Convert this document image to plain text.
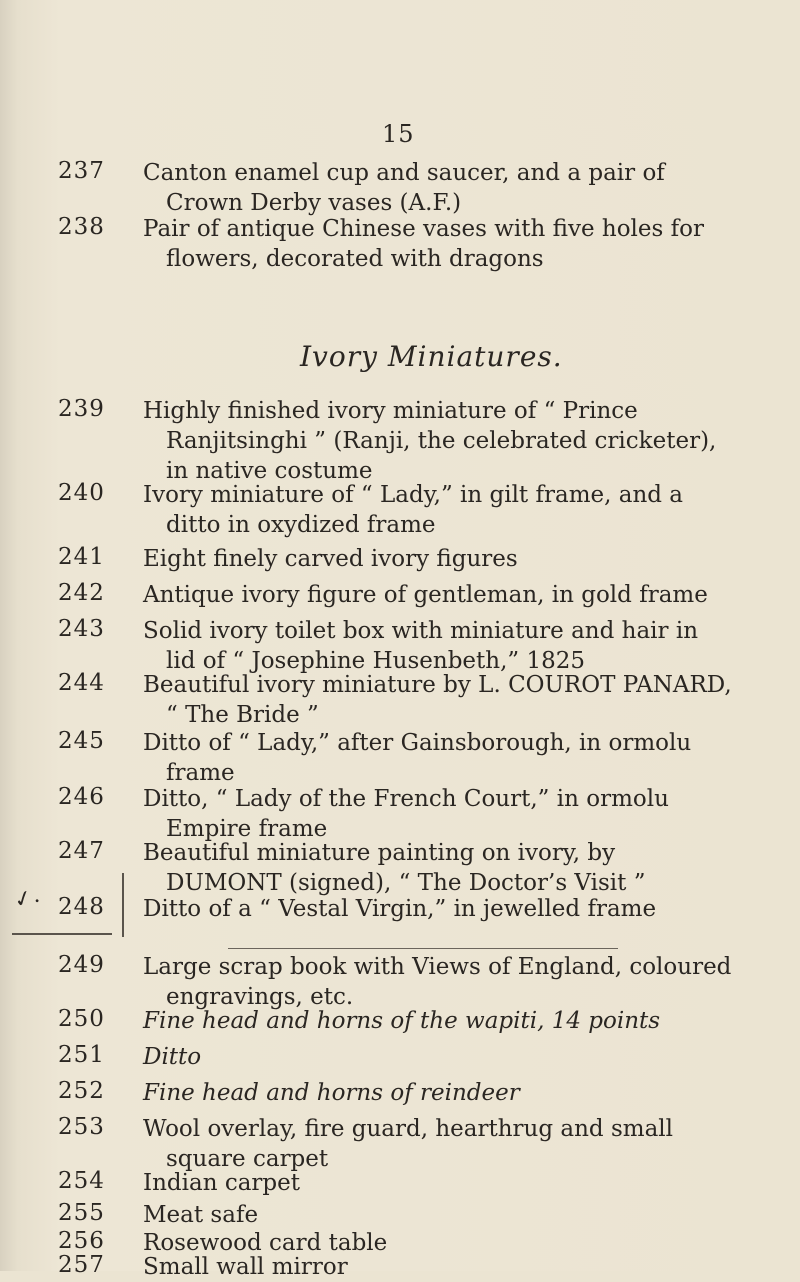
15
Ivory Miniatures.
✓.
237	Canton enamel cup and saucer, and a pair of
Crown Derby vases (A.F.)
238	Pair of antique Chinese vases with five holes for
flowers, decorated with dragons
239	Highly finished ivory miniature of “ Prince
Ranjitsinghi ” (Ranji, the celebrated cricketer),
in native costume
240	Ivory miniature of “ Lady,” in gilt frame, and a
ditto in oxydized frame
241	Eight finely carved ivory figures
242	Antique ivory figure of gentleman, in gold frame
243	Solid ivory toilet box with miniature and hair in
lid of “ Josephine Husenbeth,” 1825
244	Beautiful ivory miniature by L. COUROT PANARD,
“ The Bride ”
245	Ditto of “ Lady,” after Gainsborough, in ormolu
frame
246	Ditto, “ Lady of the French Court,” in ormolu
Empire frame
247	Beautiful miniature painting on ivory, by
DUMONT (signed), “ The Doctor’s Visit ”
248	Ditto of a “ Vestal Virgin,” in jewelled frame
249	Large scrap book with Views of England, coloured
engravings, etc.
250	Fine head and horns of the wapiti, 14 points
251	Ditto
252	Fine head and horns of reindeer
253	Wool overlay, fire guard, hearthrug and small
square carpet
254	Indian carpet
255	Meat safe
256	Rosewood card table
257	Small wall mirror
